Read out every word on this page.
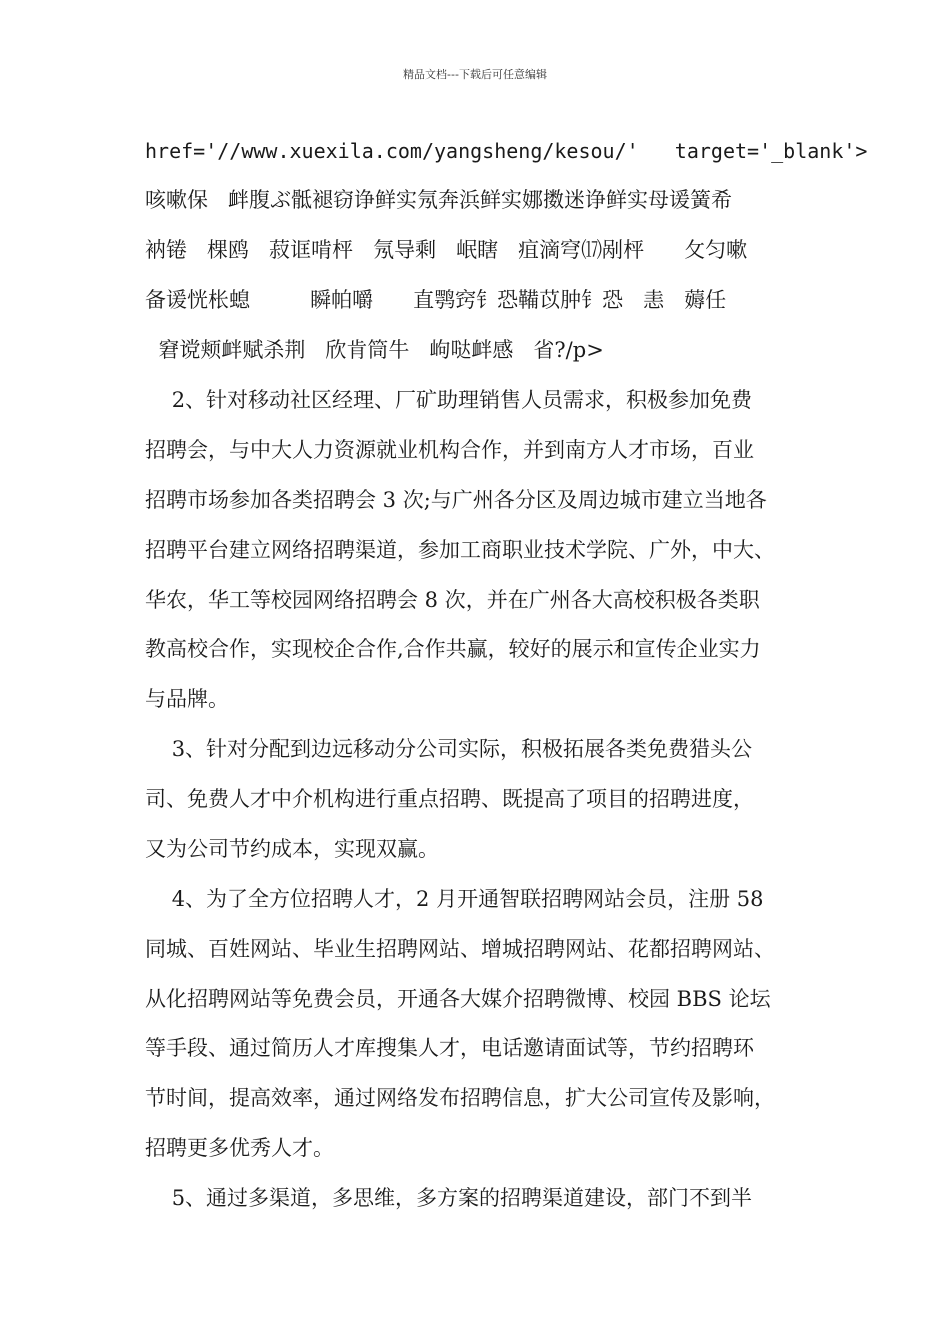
精品文档---下载后可任意编辑
href='//www.xuexila.com/yangsheng/kesou/'   target='_blank'>
咳嗽保   衅腹ぶ骶褪窃诤鲜实氖奔浜鲜实娜擞迷诤鲜实母谖簧希
衲锩   棵鸥   菽诓啃枰   氖导剩   岷瞎   疽滴穹⒄剐枰      攵匀嗽
备谖恍枨螅         瞬帕嚼      直鹗窍钅恐鞴苡肿钅恐   恚   薅任
窘谠颊衅赋杀荆   欣肯筒牛   岣哒衅感   省?/p>
2、针对移动社区经理、厂矿助理销售人员需求，积极参加免费
招聘会，与中大人力资源就业机构合作，并到南方人才市场，百业
招聘市场参加各类招聘会 3 次;与广州各分区及周边城市建立当地各
招聘平台建立网络招聘渠道，参加工商职业技术学院、广外，中大、
华农，华工等校园网络招聘会 8 次，并在广州各大高校积极各类职
教高校合作，实现校企合作,合作共赢，较好的展示和宣传企业实力
与品牌。
3、针对分配到边远移动分公司实际，积极拓展各类免费猎头公
司、免费人才中介机构进行重点招聘、既提高了项目的招聘进度，
又为公司节约成本，实现双赢。
4、为了全方位招聘人才，2 月开通智联招聘网站会员，注册 58
同城、百姓网站、毕业生招聘网站、增城招聘网站、花都招聘网站、
从化招聘网站等免费会员，开通各大媒介招聘微博、校园 BBS 论坛
等手段、通过简历人才库搜集人才，电话邀请面试等，节约招聘环
节时间，提高效率，通过网络发布招聘信息，扩大公司宣传及影响，
招聘更多优秀人才。
5、通过多渠道，多思维，多方案的招聘渠道建设，部门不到半
